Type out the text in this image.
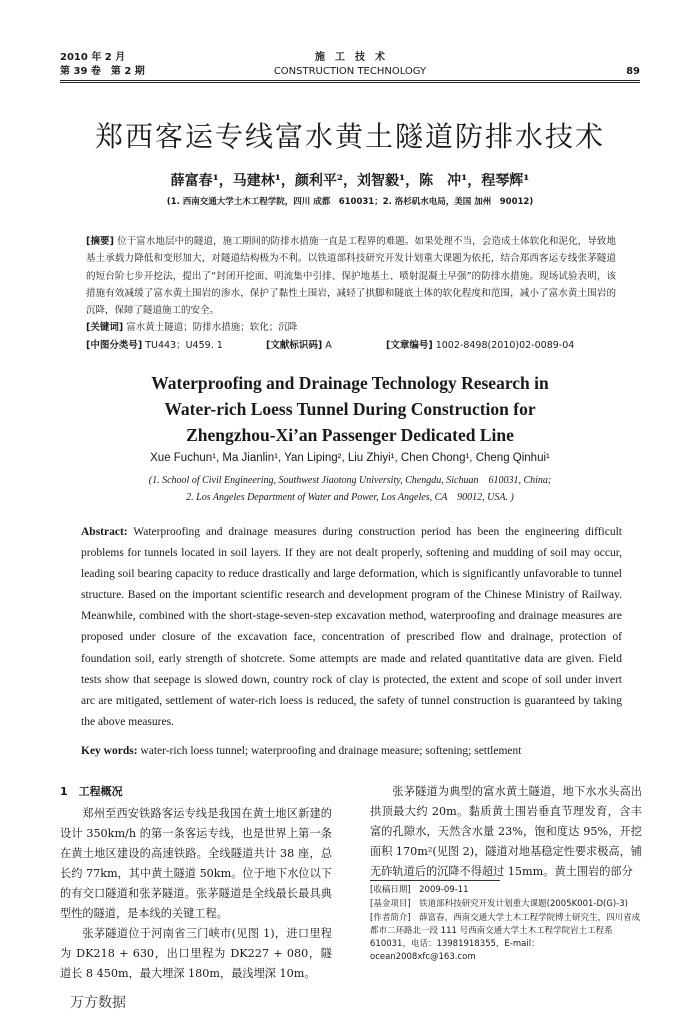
2010 年 2 月
第 39 卷　第 2 期
施　工　技　术
CONSTRUCTION TECHNOLOGY	89
郑西客运专线富水黄土隧道防排水技术
薛富春¹，马建林¹，颜利平²，刘智毅¹，陈　冲¹，程琴辉¹
(1. 西南交通大学土木工程学院，四川 成都　610031；2. 洛杉矶水电局，美国 加州　90012)
[摘要] 位于富水地层中的隧道，施工期间的防排水措施一直是工程界的难题。如果处理不当，会造成土体软化和泥化，导致地基土承载力降低和变形加大，对隧道结构极为不利。以铁道部科技研究开发计划重大课题为依托，结合郑西客运专线张茅隧道的短台阶七步开挖法，提出了“封闭开挖面、明流集中引排、保护地基土、喷射混凝土早强”的防排水措施。现场试验表明，该措施有效减缓了富水黄土围岩的渗水，保护了黏性土围岩，减轻了拱脚和隧底土体的软化程度和范围，减小了富水黄土围岩的沉降，保障了隧道施工的安全。
[关键词] 富水黄土隧道；防排水措施；软化；沉降
[中图分类号] TU443；U459. 1	[文献标识码] A	[文章编号] 1002-8498(2010)02-0089-04
Waterproofing and Drainage Technology Research in
Water-rich Loess Tunnel During Construction for
Zhengzhou-Xi’an Passenger Dedicated Line
Xue Fuchun¹, Ma Jianlin¹, Yan Liping², Liu Zhiyi¹, Chen Chong¹, Cheng Qinhui¹
(1. School of Civil Engineering, Southwest Jiaotong University, Chengdu, Sichuan　610031, China;
2. Los Angeles Department of Water and Power, Los Angeles, CA　90012, USA. )
Abstract: Waterproofing and drainage measures during construction period has been the engineering difficult problems for tunnels located in soil layers. If they are not dealt properly, softening and mudding of soil may occur, leading soil bearing capacity to reduce drastically and large deformation, which is significantly unfavorable to tunnel structure. Based on the important scientific research and development program of the Chinese Ministry of Railway. Meanwhile, combined with the short-stage-seven-step excavation method, waterproofing and drainage measures are proposed under closure of the excavation face, concentration of prescribed flow and drainage, protection of foundation soil, early strength of shotcrete. Some attempts are made and related quantitative data are given. Field tests show that seepage is slowed down, country rock of clay is protected, the extent and scope of soil under invert arc are mitigated, settlement of water-rich loess is reduced, the safety of tunnel construction is guaranteed by taking the above measures.
Key words: water-rich loess tunnel; waterproofing and drainage measure; softening; settlement
1　工程概况

郑州至西安铁路客运专线是我国在黄土地区新建的设计 350km/h 的第一条客运专线，也是世界上第一条在黄土地区建设的高速铁路。全线隧道共计 38 座，总长约 77km，其中黄土隧道 50km。位于地下水位以下的有交口隧道和张茅隧道。张茅隧道是全线最长最具典型性的隧道，是本线的关键工程。

张茅隧道位于河南省三门峡市(见图 1)，进口里程为 DK218 + 630，出口里程为 DK227 + 080，隧道长 8 450m，最大埋深 180m，最浅埋深 10m。

张茅隧道为典型的富水黄土隧道，地下水水头高出拱顶最大约 20m。黏质黄土围岩垂直节理发育，含丰富的孔隙水，天然含水量 23%，饱和度达 95%，开挖面积 170m²(见图 2)，隧道对地基稳定性要求极高，铺无砟轨道后的沉降不得超过 15mm。黄土围岩的部分

[收稿日期]　2009-09-11
[基金项目]　铁道部科技研究开发计划重大课题(2005K001-D(G)-3)
[作者简介]　薛富春，西南交通大学土木工程学院博士研究生，四川省成都市二环路北一段 111 号西南交通大学土木工程学院岩土工程系　610031，电话：13981918355，E-mail：ocean2008xfc@163.com
万方数据
